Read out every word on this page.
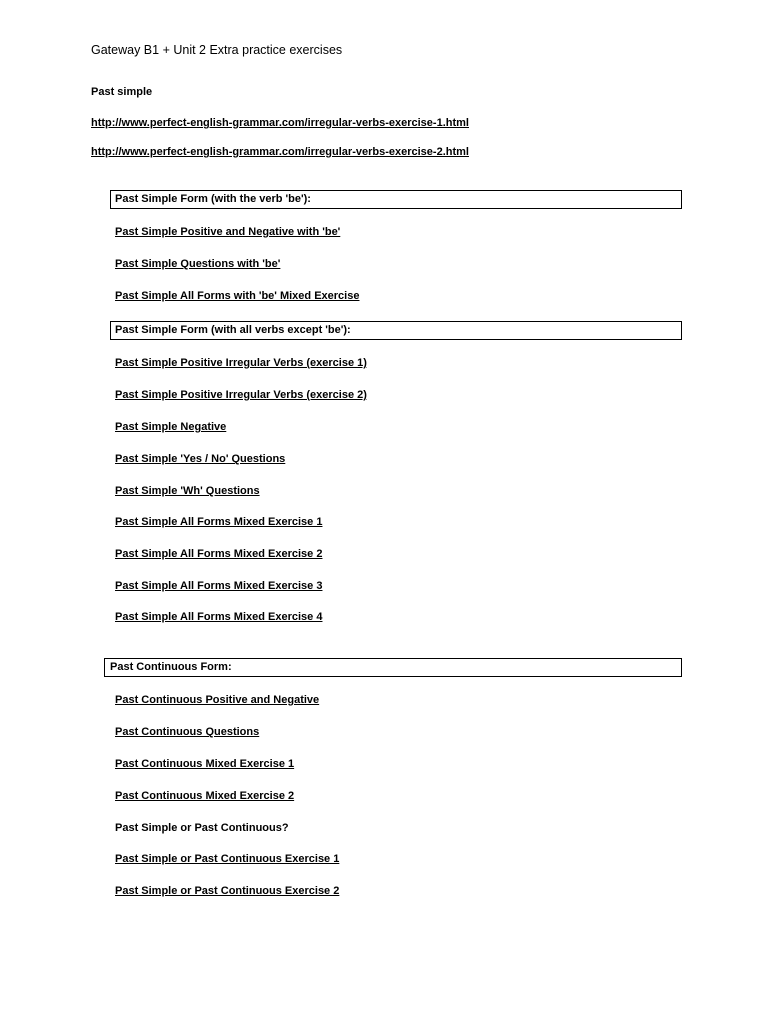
Gateway B1 + Unit 2 Extra practice exercises
Past simple
http://www.perfect-english-grammar.com/irregular-verbs-exercise-1.html
http://www.perfect-english-grammar.com/irregular-verbs-exercise-2.html
Past Simple Form (with the verb 'be'):
Past Simple Positive and Negative with 'be'
Past Simple Questions with 'be'
Past Simple All Forms with 'be' Mixed Exercise
Past Simple Form (with all verbs except 'be'):
Past Simple Positive Irregular Verbs (exercise 1)
Past Simple Positive Irregular Verbs (exercise 2)
Past Simple Negative
Past Simple 'Yes / No' Questions
Past Simple 'Wh' Questions
Past Simple All Forms Mixed Exercise 1
Past Simple All Forms Mixed Exercise 2
Past Simple All Forms Mixed Exercise 3
Past Simple All Forms Mixed Exercise 4
Past Continuous Form:
Past Continuous Positive and Negative
Past Continuous Questions
Past Continuous Mixed Exercise 1
Past Continuous Mixed Exercise 2
Past Simple or Past Continuous?
Past Simple or Past Continuous Exercise 1
Past Simple or Past Continuous Exercise 2
